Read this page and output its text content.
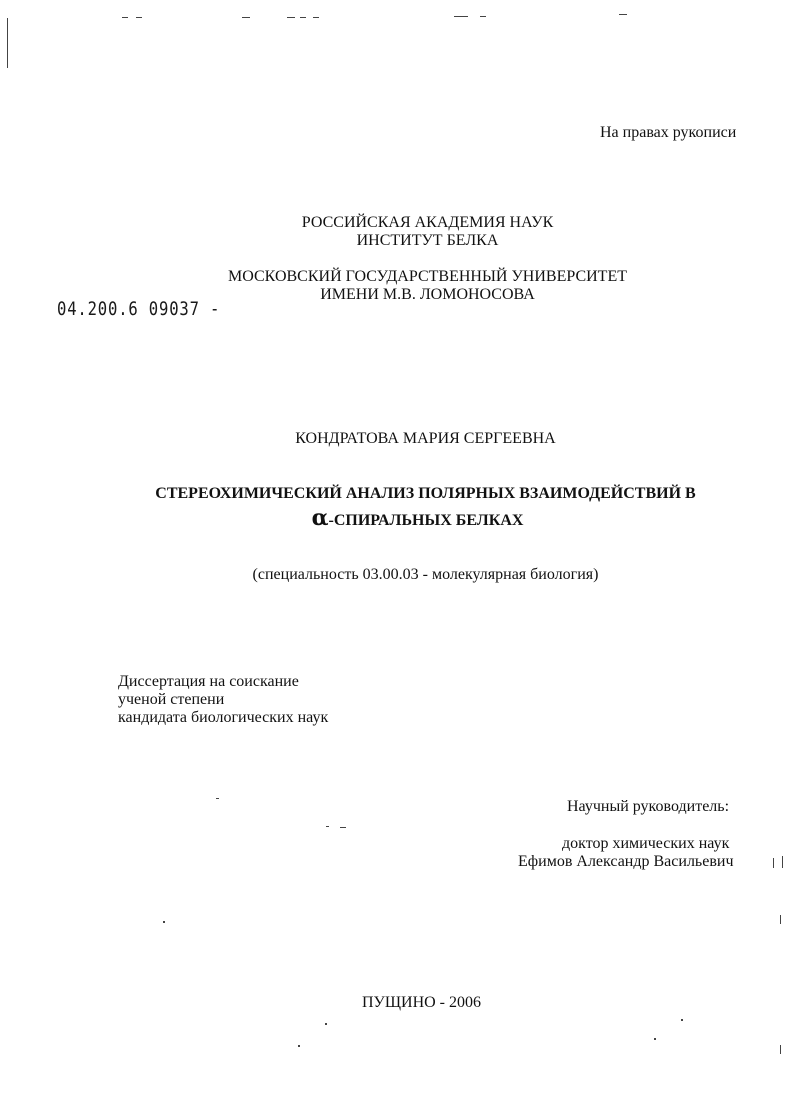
На правах рукописи
РОССИЙСКАЯ АКАДЕМИЯ НАУК
ИНСТИТУТ БЕЛКА
МОСКОВСКИЙ ГОСУДАРСТВЕННЫЙ УНИВЕРСИТЕТ
ИМЕНИ М.В. ЛОМОНОСОВА
04.200.6 09037 -
КОНДРАТОВА МАРИЯ СЕРГЕЕВНА
СТЕРЕОХИМИЧЕСКИЙ АНАЛИЗ ПОЛЯРНЫХ ВЗАИМОДЕЙСТВИЙ В
α-СПИРАЛЬНЫХ БЕЛКАХ
(специальность 03.00.03 - молекулярная биология)
Диссертация на соискание
ученой степени
кандидата биологических наук
Научный руководитель:
доктор химических наук
Ефимов Александр Васильевич
ПУЩИНО - 2006
